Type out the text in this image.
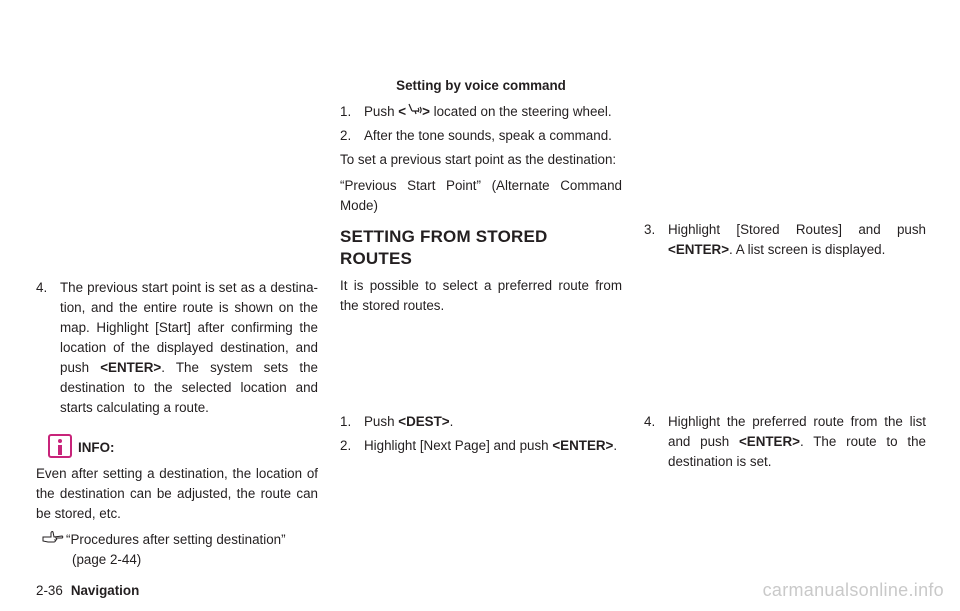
4. The previous start point is set as a destina-tion, and the entire route is shown on the map. Highlight [Start] after confirming the location of the displayed destination, and push <ENTER>. The system sets the destination to the selected location and starts calculating a route.
INFO:
Even after setting a destination, the location of the destination can be adjusted, the route can be stored, etc.
“Procedures after setting destination”
(page 2-44)
Setting by voice command
1. Push < > located on the steering wheel.
2. After the tone sounds, speak a command.
To set a previous start point as the destination:
“Previous Start Point” (Alternate Command Mode)
SETTING FROM STORED ROUTES
It is possible to select a preferred route from the stored routes.
1. Push <DEST>.
2. Highlight [Next Page] and push <ENTER>.
3. Highlight [Stored Routes] and push <ENTER>. A list screen is displayed.
4. Highlight the preferred route from the list and push <ENTER>. The route to the destination is set.
2-36 Navigation	carmanualsonline.info
